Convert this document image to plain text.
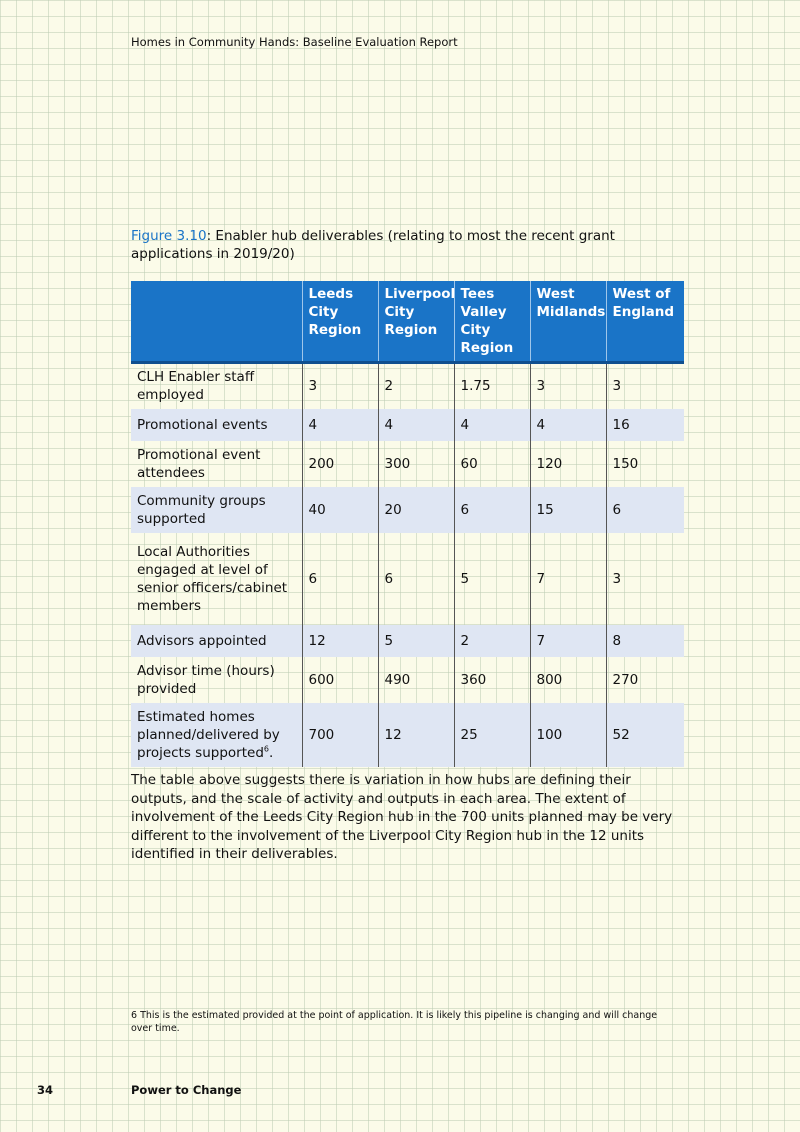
Homes in Community Hands: Baseline Evaluation Report
Figure 3.10: Enabler hub deliverables (relating to most the recent grant applications in 2019/20)
	Leeds City Region	Liverpool City Region	Tees Valley City Region	West Midlands	West of England
CLH Enabler staff employed	3	2	1.75	3	3
Promotional events	4	4	4	4	16
Promotional event attendees	200	300	60	120	150
Community groups supported	40	20	6	15	6
Local Authorities engaged at level of senior officers/cabinet members	6	6	5	7	3
Advisors appointed	12	5	2	7	8
Advisor time (hours) provided	600	490	360	800	270
Estimated homes planned/delivered by projects supported$^6$.	700	12	25	100	52

The table above suggests there is variation in how hubs are defining their outputs, and the scale of activity and outputs in each area. The extent of involvement of the Leeds City Region hub in the 700 units planned may be very different to the involvement of the Liverpool City Region hub in the 12 units identified in their deliverables.

6 This is the estimated provided at the point of application. It is likely this pipeline is changing and will change over time.
34	Power to Change
